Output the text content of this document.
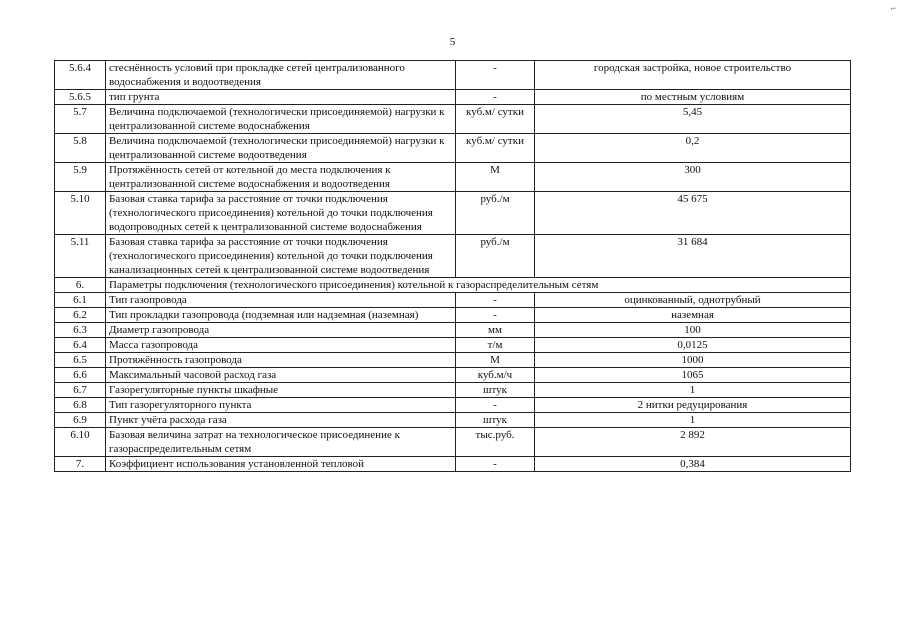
⌐
5
5.6.4	стеснённость условий при прокладке сетей централизованного водоснабжения и водоотведения	-	городская застройка, новое строительство
5.6.5	тип грунта	-	по местным условиям
5.7	Величина подключаемой (технологически присоединяемой) нагрузки к централизованной системе водоснабжения	куб.м/ сутки	5,45
5.8	Величина подключаемой (технологически присоединяемой) нагрузки к централизованной системе водоотведения	куб.м/ сутки	0,2
5.9	Протяжённость сетей от котельной до места подключения к централизованной системе водоснабжения и водоотведения	М	300
5.10	Базовая ставка тарифа за расстояние от точки подключения (технологического присоединения) котельной до точки подключения водопроводных сетей к централизованной системе водоснабжения	руб./м	45 675
5.11	Базовая ставка тарифа за расстояние от точки подключения (технологического присоединения) котельной до точки подключения канализационных сетей к централизованной системе водоотведения	руб./м	31 684
6.	Параметры подключения (технологического присоединения) котельной к газораспределительным сетям		
6.1	Тип газопровода	-	оцинкованный, однотрубный
6.2	Тип прокладки газопровода (подземная или надземная (наземная)	-	наземная
6.3	Диаметр газопровода	мм	100
6.4	Масса газопровода	т/м	0,0125
6.5	Протяжённость газопровода	М	1000
6.6	Максимальный часовой расход газа	куб.м/ч	1065
6.7	Газорегуляторные пункты шкафные	штук	1
6.8	Тип газорегуляторного пункта	-	2 нитки редуцирования
6.9	Пункт учёта расхода газа	штук	1
6.10	Базовая величина затрат на технологическое присоединение к газораспределительным сетям	тыс.руб.	2 892
7.	Коэффициент использования установленной тепловой	-	0,384
